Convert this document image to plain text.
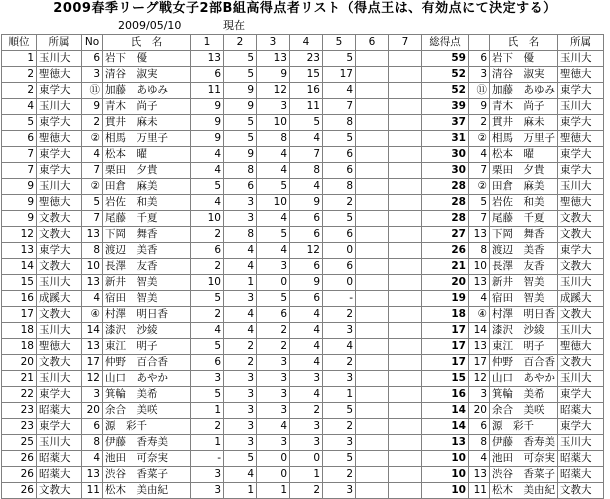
2009春季リーグ戦女子2部B組高得点者リスト（得点王は、有効点にて決定する）
2009/05/10	現在
順位	所属	No	氏　名	1	2	3	4	5	6	7	総得点		氏　名	所属
1	玉川大	6	岩下　優	13	5	13	23	5			59	6	岩下　優	玉川大
2	聖徳大	3	清谷　淑実	6	5	9	15	17			52	3	清谷　淑実	聖徳大
2	東学大	⑪	加藤　あゆみ	11	9	12	16	4			52	⑪	加藤　あゆみ	東学大
4	玉川大	9	青木　尚子	9	9	3	11	7			39	9	青木　尚子	玉川大
5	東学大	2	貫井　麻未	9	5	10	5	8			37	2	貫井　麻未	東学大
6	聖徳大	②	相馬　万里子	9	5	8	4	5			31	②	相馬　万里子	聖徳大
7	東学大	4	松本　曜	4	9	4	7	6			30	4	松本　曜	東学大
7	東学大	7	栗田　夕貴	4	8	4	8	6			30	7	栗田　夕貴	東学大
9	玉川大	②	田倉　麻美	5	6	5	4	8			28	②	田倉　麻美	玉川大
9	聖徳大	5	岩佐　和美	4	3	10	9	2			28	5	岩佐　和美	聖徳大
9	文教大	7	尾藤　千夏	10	3	4	6	5			28	7	尾藤　千夏	文教大
12	文教大	13	下岡　舞香	2	8	5	6	6			27	13	下岡　舞香	文教大
13	東学大	8	渡辺　美香	6	4	4	12	0			26	8	渡辺　美香	東学大
14	文教大	10	長澤　友香	2	4	3	6	6			21	10	長澤　友香	文教大
15	玉川大	13	新井　智美	10	1	0	9	0			20	13	新井　智美	玉川大
16	成蹊大	4	宿田　智美	5	3	5	6	-			19	4	宿田　智美	成蹊大
17	文教大	④	村澤　明日香	2	4	6	4	2			18	④	村澤　明日香	文教大
18	玉川大	14	漆沢　沙綾	4	4	2	4	3			17	14	漆沢　沙綾	玉川大
18	聖徳大	13	東江　明子	5	2	2	4	4			17	13	東江　明子	聖徳大
20	文教大	17	仲野　百合香	6	2	3	4	2			17	17	仲野　百合香	文教大
21	玉川大	12	山口　あやか	3	3	3	3	3			15	12	山口　あやか	玉川大
22	東学大	3	箕輪　美希	5	3	3	4	1			16	3	箕輪　美希	東学大
23	昭薬大	20	余合　美咲	1	3	3	2	5			14	20	余合　美咲	昭薬大
23	東学大	6	源　彩千	2	3	4	3	2			14	6	源　彩千	東学大
25	玉川大	8	伊藤　香寿美	1	3	3	3	3			13	8	伊藤　香寿美	玉川大
26	昭薬大	4	池田　可奈実	-	5	0	0	5			10	4	池田　可奈実	昭薬大
26	昭薬大	13	渋谷　香菜子	3	4	0	1	2			10	13	渋谷　香菜子	昭薬大
26	文教大	11	松木　美由紀	3	1	1	2	3			10	11	松木　美由紀	文教大
